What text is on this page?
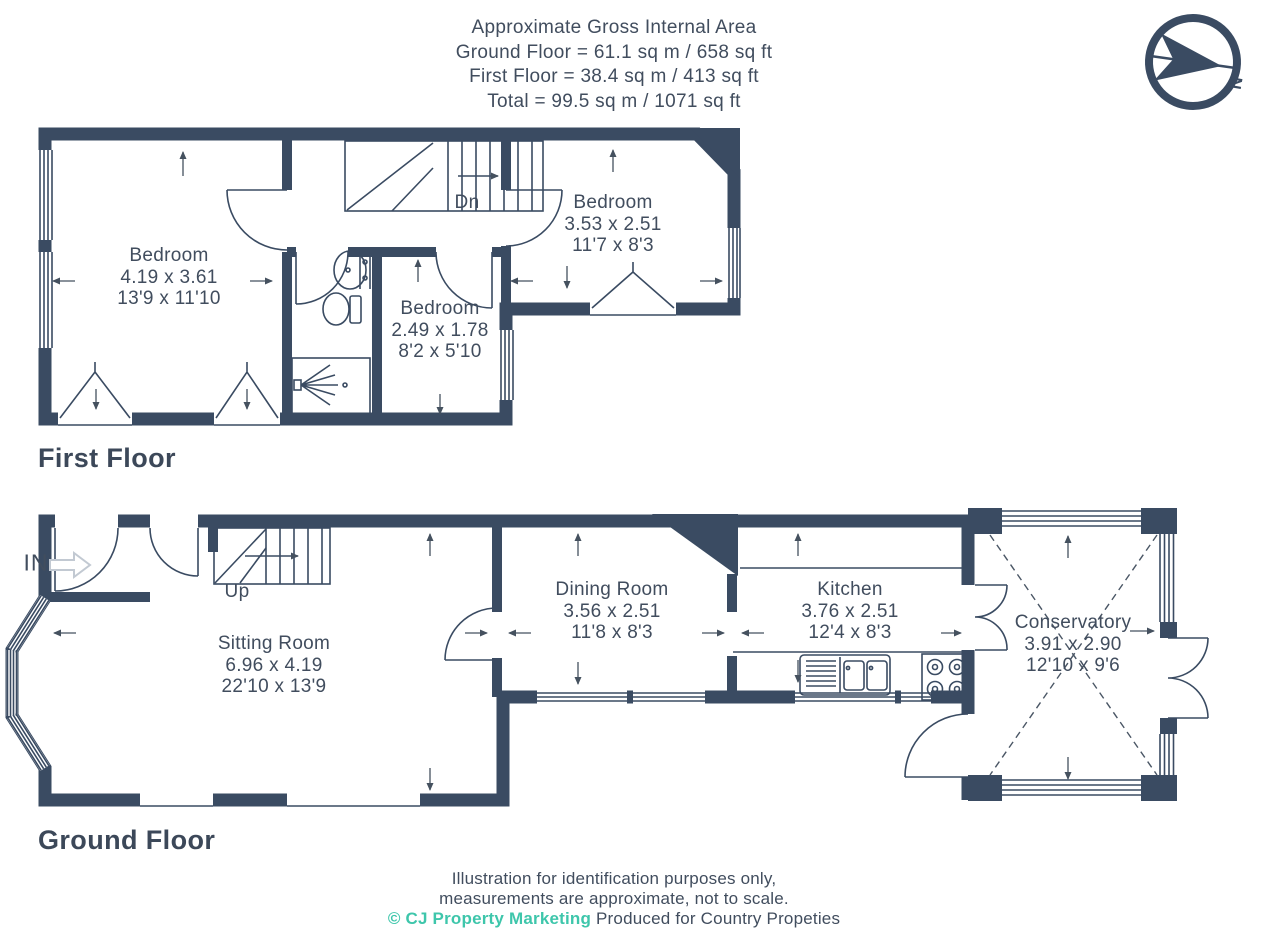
N
Approximate Gross Internal Area
Ground Floor = 61.1 sq m / 658 sq ft
First Floor = 38.4 sq m / 413 sq ft
Total = 99.5 sq m / 1071 sq ft
Bedroom
4.19 x 3.61
13'9 x 11'10
Bedroom
3.53 x 2.51
11'7 x 8'3
Bedroom
2.49 x 1.78
8'2 x 5'10
Dn
First Floor
IN
Up
Sitting Room
6.96 x 4.19
22'10 x 13'9
Dining Room
3.56 x 2.51
11'8 x 8'3
Kitchen
3.76 x 2.51
12'4 x 8'3	Conservatory
3.91 x 2.90
12'10 x 9'6
Ground Floor
Illustration for identification purposes only,
measurements are approximate, not to scale.
© CJ Property Marketing Produced for Country Propeties
